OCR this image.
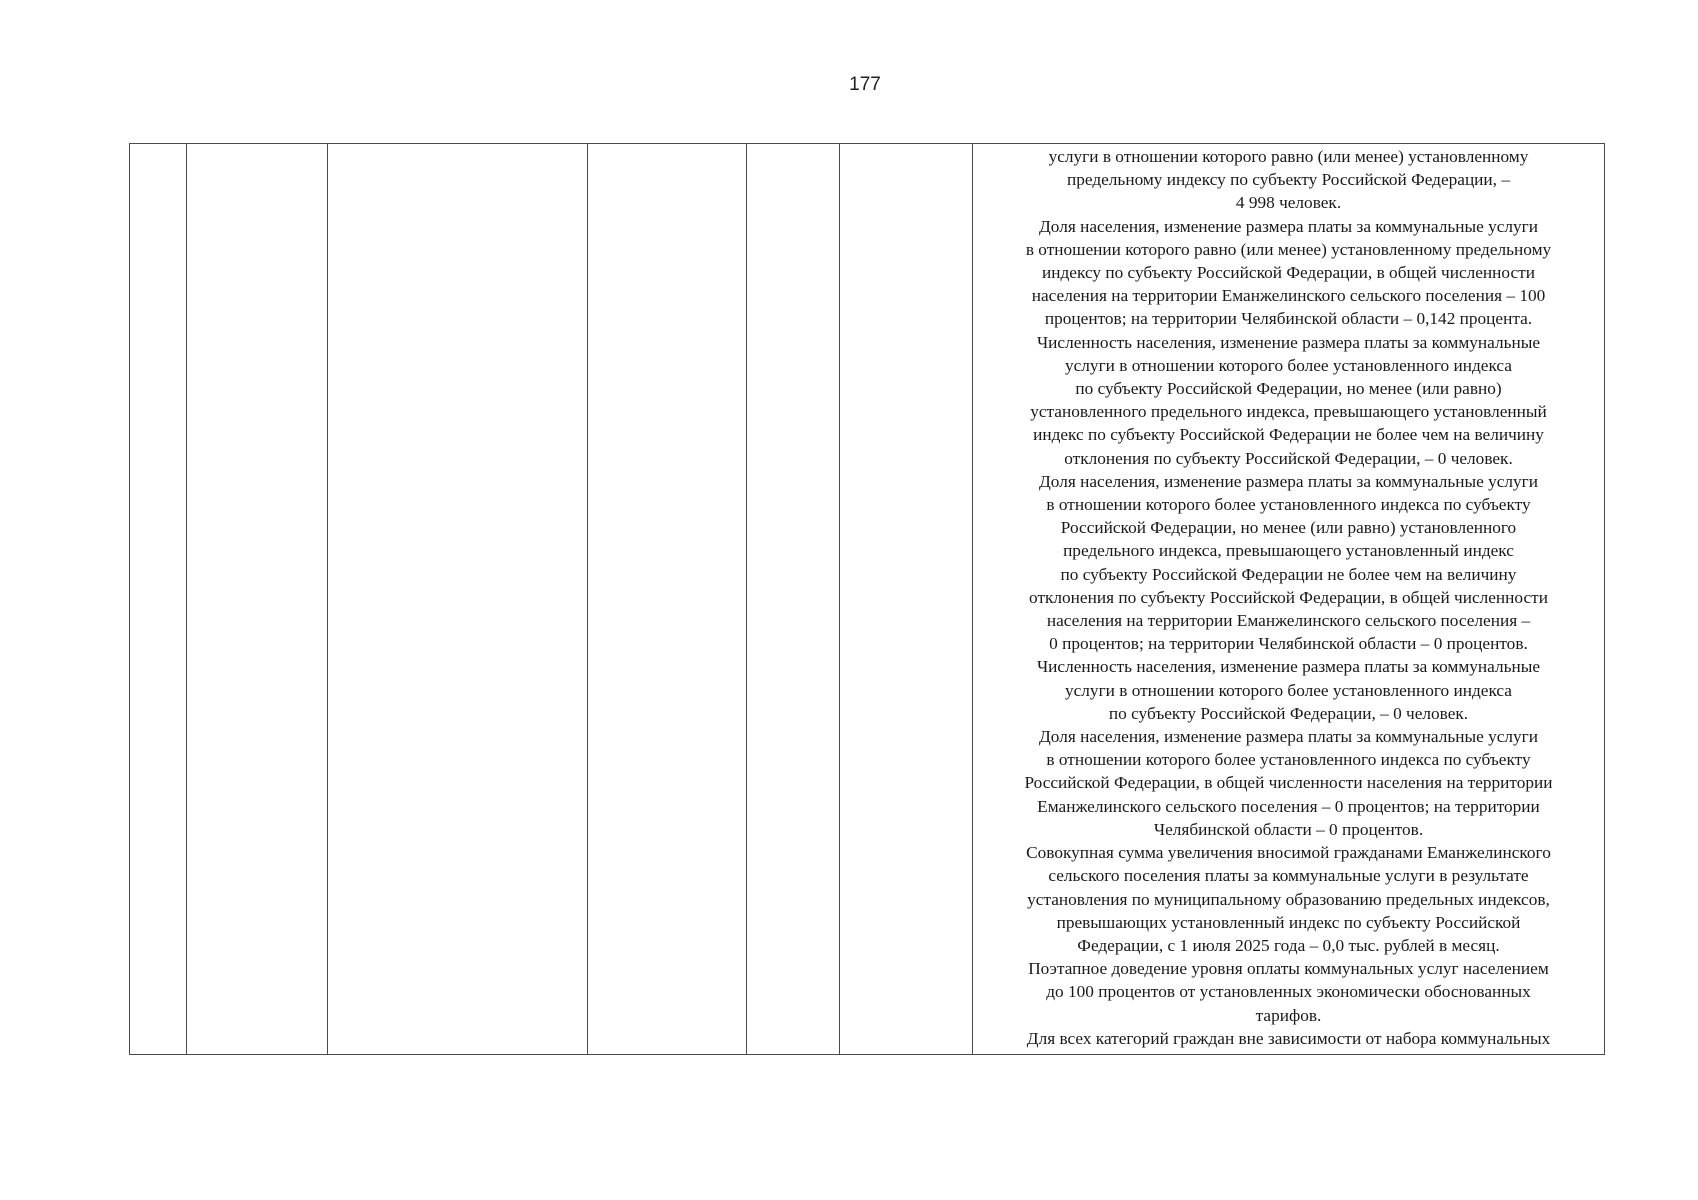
177

услуги в отношении которого равно (или менее) установленному
предельному индексу по субъекту Российской Федерации, –
4 998 человек.

Доля населения, изменение размера платы за коммунальные услуги
в отношении которого равно (или менее) установленному предельному
индексу по субъекту Российской Федерации, в общей численности
населения на территории Еманжелинского сельского поселения – 100
процентов; на территории Челябинской области – 0,142 процента.

Численность населения, изменение размера платы за коммунальные
услуги в отношении которого более установленного индекса
по субъекту Российской Федерации, но менее (или равно)
установленного предельного индекса, превышающего установленный
индекс по субъекту Российской Федерации не более чем на величину
отклонения по субъекту Российской Федерации, – 0 человек.

Доля населения, изменение размера платы за коммунальные услуги
в отношении которого более установленного индекса по субъекту
Российской Федерации, но менее (или равно) установленного
предельного индекса, превышающего установленный индекс
по субъекту Российской Федерации не более чем на величину
отклонения по субъекту Российской Федерации, в общей численности
населения на территории Еманжелинского сельского поселения –
0 процентов; на территории Челябинской области – 0 процентов.

Численность населения, изменение размера платы за коммунальные
услуги в отношении которого более установленного индекса
по субъекту Российской Федерации, – 0 человек.

Доля населения, изменение размера платы за коммунальные услуги
в отношении которого более установленного индекса по субъекту
Российской Федерации, в общей численности населения на территории
Еманжелинского сельского поселения – 0 процентов; на территории
Челябинской области – 0 процентов.

Совокупная сумма увеличения вносимой гражданами Еманжелинского
сельского поселения платы за коммунальные услуги в результате
установления по муниципальному образованию предельных индексов,
превышающих установленный индекс по субъекту Российской
Федерации, с 1 июля 2025 года – 0,0 тыс. рублей в месяц.

Поэтапное доведение уровня оплаты коммунальных услуг населением
до 100 процентов от установленных экономически обоснованных
тарифов.

Для всех категорий граждан вне зависимости от набора коммунальных
